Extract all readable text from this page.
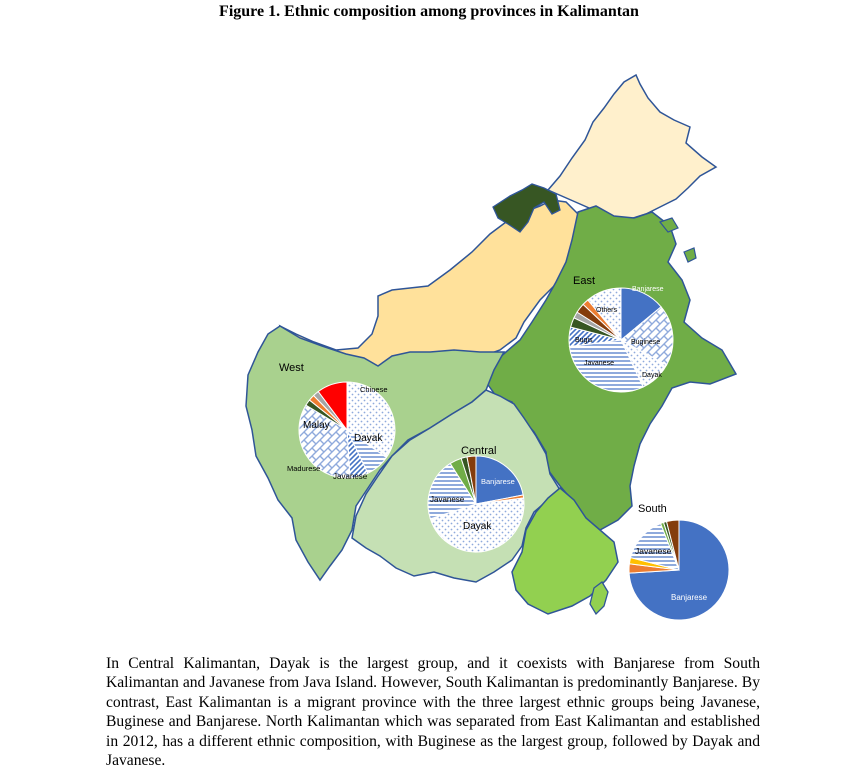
Figure 1. Ethnic composition among provinces in Kalimantan
West
Central
East
South
Malay
Dayak
Chinese
Madurese
Javanese
Banjarese
Javanese
Dayak
Banjarese
Others
Bugis	Buginese
Javanese
Dayak
Javanese
Banjarese
In Central Kalimantan, Dayak is the largest group, and it coexists with Banjarese from South Kalimantan and Javanese from Java Island. However, South Kalimantan is predominantly Banjarese. By contrast, East Kalimantan is a migrant province with the three largest ethnic groups being Javanese, Buginese and Banjarese. North Kalimantan which was separated from East Kalimantan and established in 2012, has a different ethnic composition, with Buginese as the largest group, followed by Dayak and Javanese.
